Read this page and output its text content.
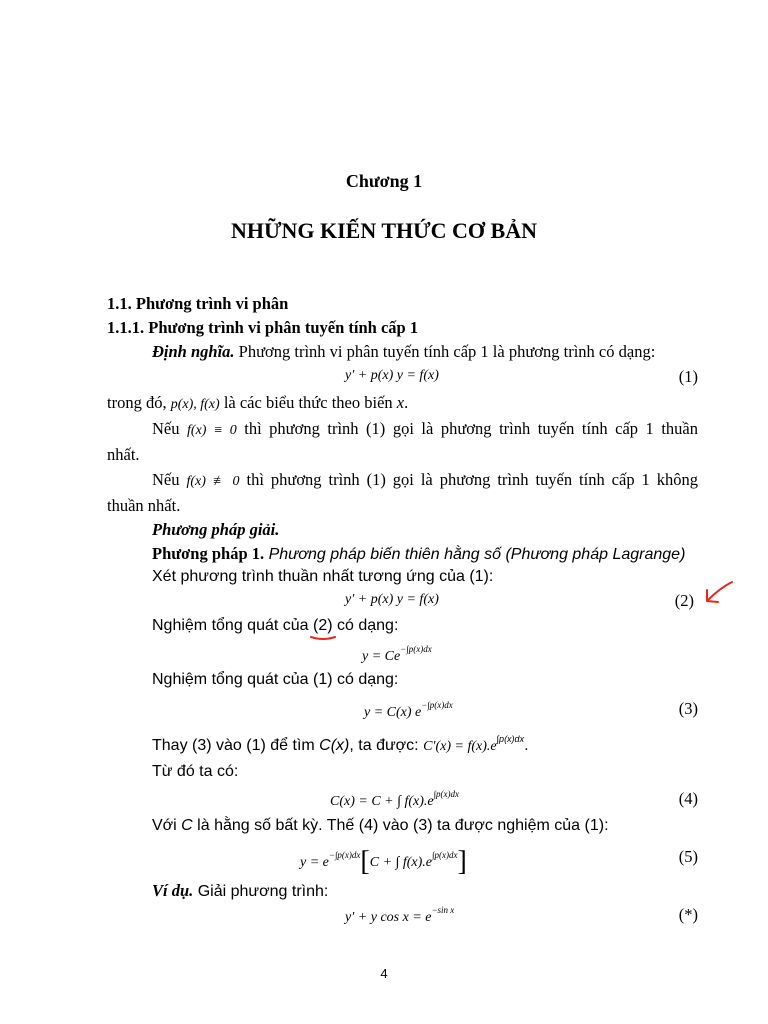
Chương 1
NHỮNG KIẾN THỨC CƠ BẢN
1.1. Phương trình vi phân
1.1.1. Phương trình vi phân tuyến tính cấp 1
Định nghĩa. Phương trình vi phân tuyến tính cấp 1 là phương trình có dạng:
y′ + p(x) y = f(x)	(1)
trong đó, p(x), f(x) là các biểu thức theo biến x.
Nếu f(x) ≡ 0 thì phương trình (1) gọi là phương trình tuyến tính cấp 1 thuần
nhất.
Nếu f(x) ≢ 0 thì phương trình (1) gọi là phương trình tuyến tính cấp 1 không
thuần nhất.
Phương pháp giải.
Phương pháp 1. Phương pháp biến thiên hằng số (Phương pháp Lagrange)
Xét phương trình thuần nhất tương ứng của (1):
y′ + p(x) y = f(x)	(2)
Nghiệm tổng quát của (2) có dạng:
$y = Ce^{-\int p(x)dx}$
Nghiệm tổng quát của (1) có dạng:
y = C(x) $e^{-\int p(x)dx}$	(3)
Thay (3) vào (1) để tìm C(x), ta được: $C'(x) = f(x).e^{\int p(x)dx}$.
Từ đó ta có:
C(x) = C + ∫ $f(x).e^{\int p(x)dx}$	(4)
Với C là hằng số bất kỳ. Thế (4) vào (3) ta được nghiệm của (1):
$y = e^{-\int p(x)dx}[C$ + ∫ $f(x).e^{\int p(x)dx}$]	(5)
Ví dụ. Giải phương trình:
y′ + y $\cos x = e^{-sin x}$	(*)
4
